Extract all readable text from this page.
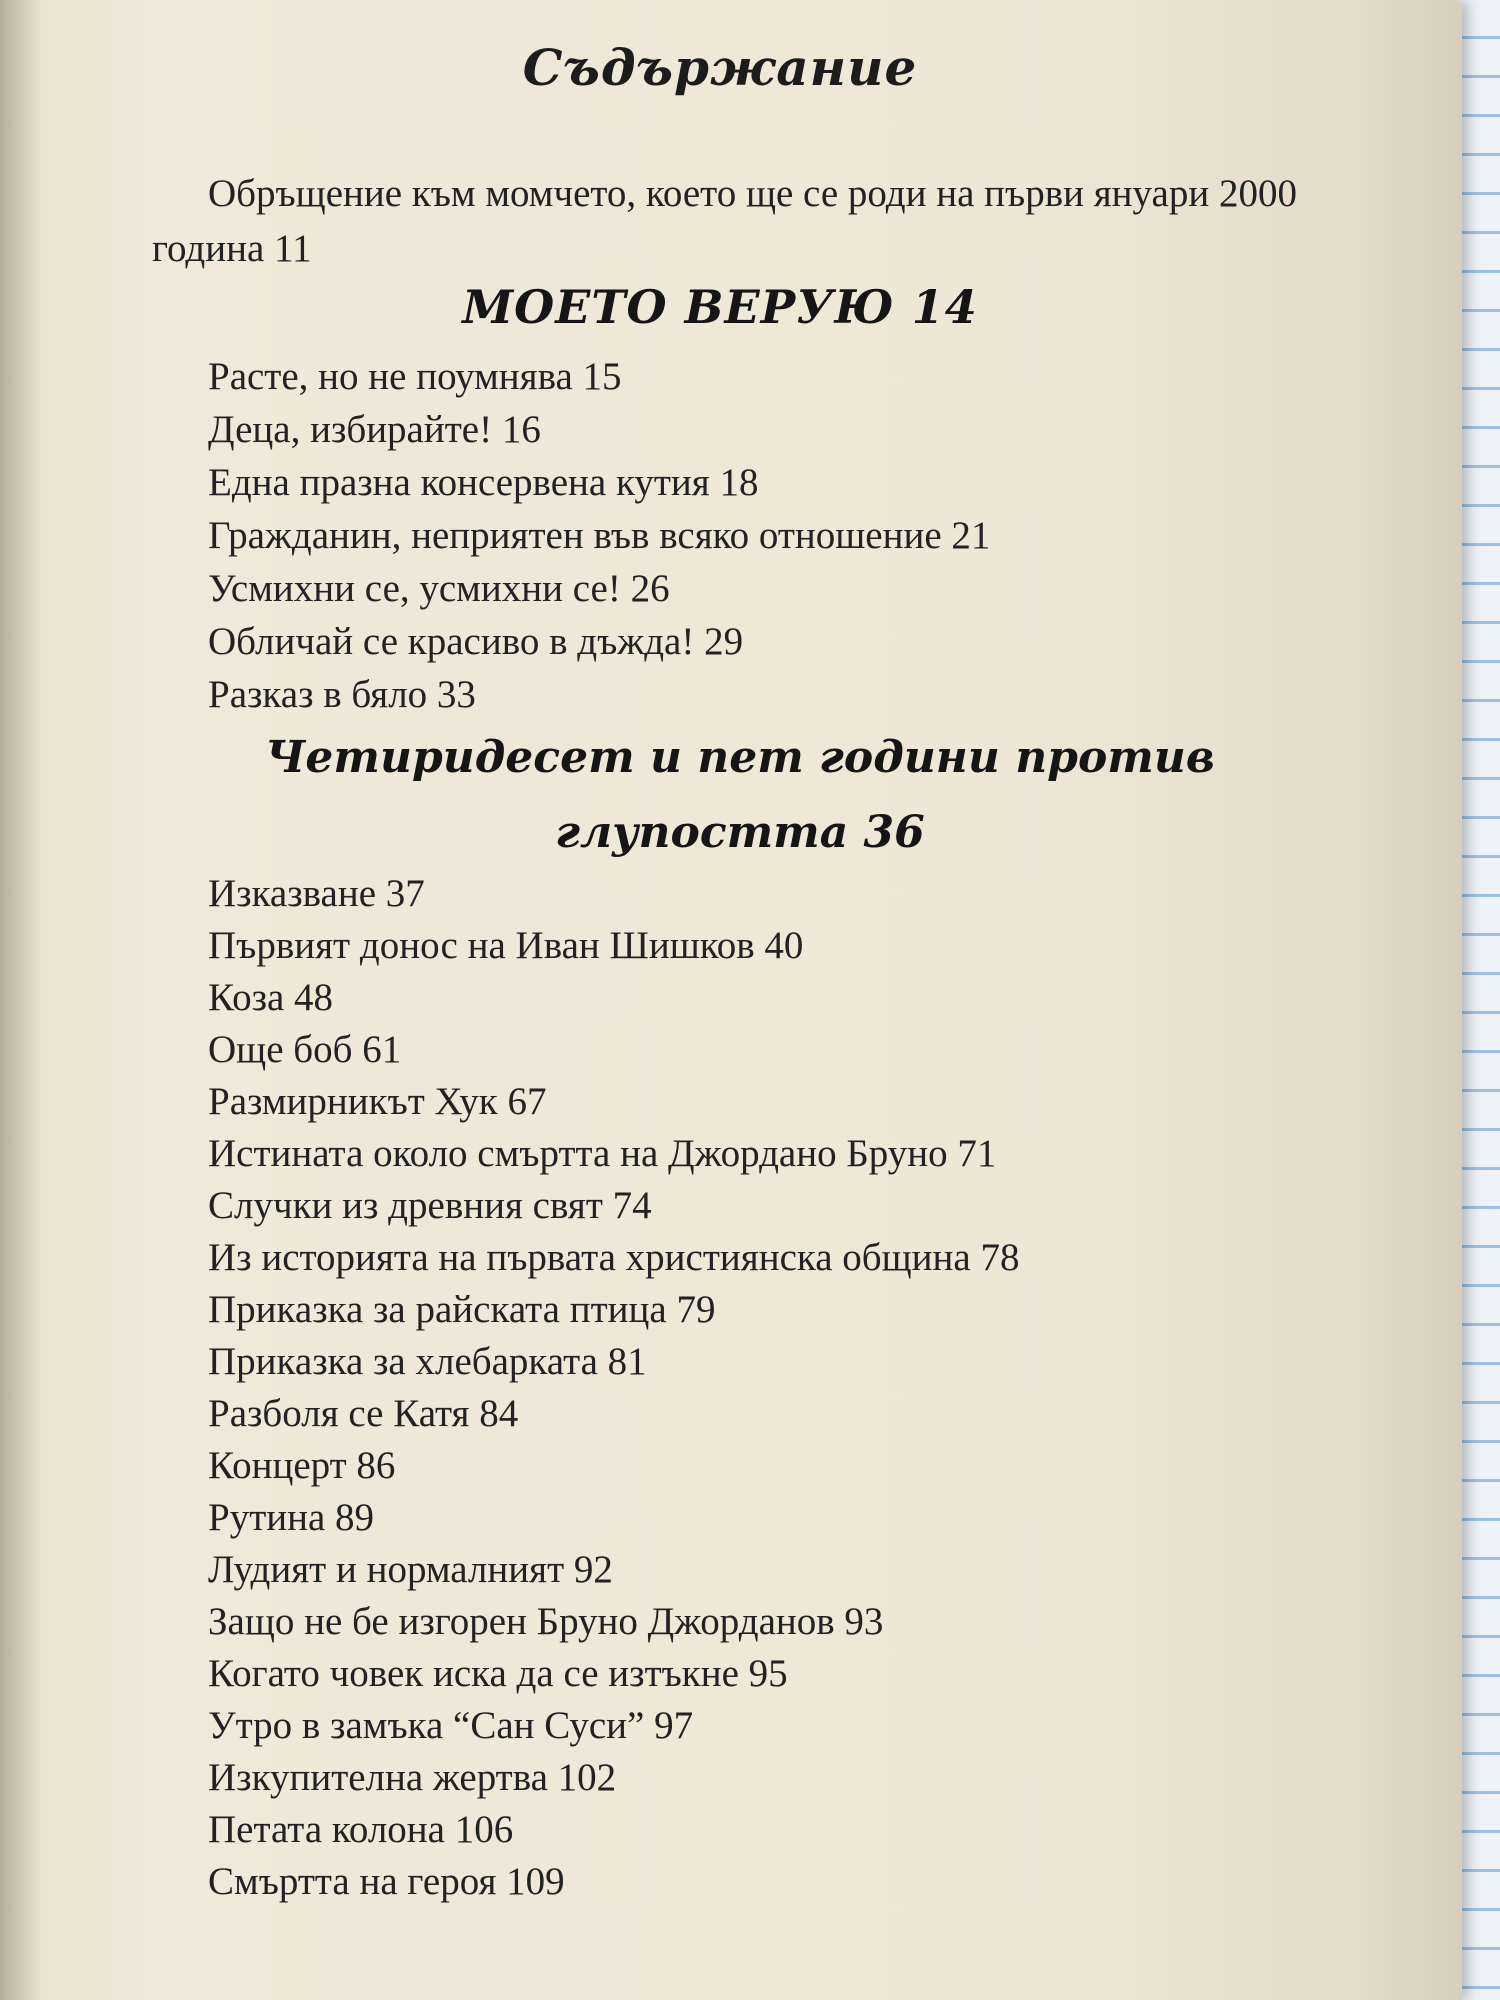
Съдържание

Обръщение към момчето, което ще се роди на първи януари 2000 година 11

МОЕТО ВЕРУЮ 14
Расте, но не поумнява 15
Деца, избирайте! 16
Една празна консервена кутия 18
Гражданин, неприятен във всяко отношение 21
Усмихни се, усмихни се! 26
Обличай се красиво в дъжда! 29
Разказ в бяло 33
Четиридесет и пет години против глупостта 36
Изказване 37
Първият донос на Иван Шишков 40
Коза 48
Още боб 61
Размирникът Хук 67
Истината около смъртта на Джордано Бруно 71
Случки из древния свят 74
Из историята на първата християнска община 78
Приказка за райската птица 79
Приказка за хлебарката 81
Разболя се Катя 84
Концерт 86
Рутина 89
Лудият и нормалният 92
Защо не бе изгорен Бруно Джорданов 93
Когато човек иска да се изтъкне 95
Утро в замъка “Сан Суси” 97
Изкупителна жертва 102
Петата колона 106
Смъртта на героя 109
